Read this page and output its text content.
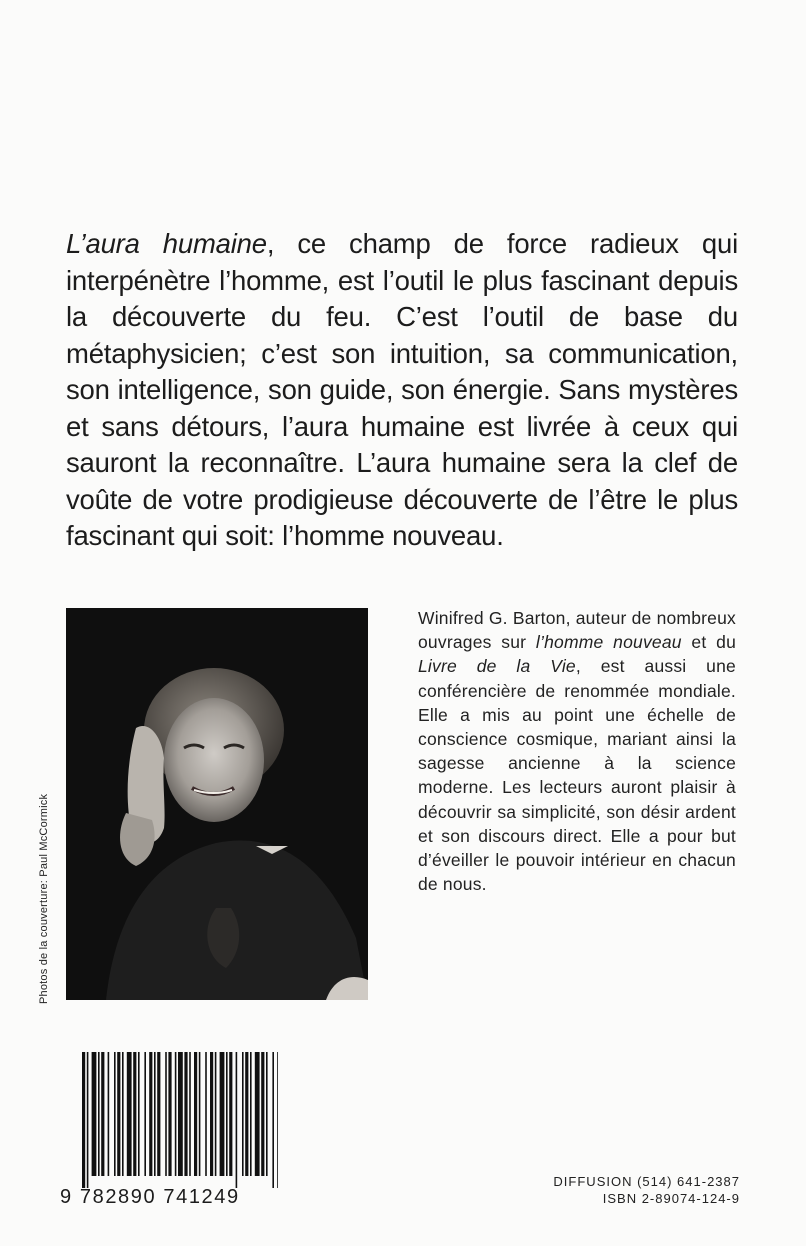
L’aura humaine, ce champ de force radieux qui interpénètre l’homme, est l’outil le plus fascinant depuis la découverte du feu. C’est l’outil de base du métaphysicien; c’est son intuition, sa communication, son intelligence, son guide, son énergie. Sans mystères et sans détours, l’aura humaine est livrée à ceux qui sauront la reconnaître. L’aura humaine sera la clef de voûte de votre prodigieuse découverte de l’être le plus fascinant qui soit: l’homme nouveau.
Photos de la couverture: Paul McCormick
Winifred G. Barton, auteur de nombreux ouvrages sur l’homme nouveau et du Livre de la Vie, est aussi une conférencière de renommée mondiale. Elle a mis au point une échelle de conscience cosmique, mariant ainsi la sagesse ancienne à la science moderne. Les lecteurs auront plaisir à découvrir sa simplicité, son désir ardent et son discours direct. Elle a pour but d’éveiller le pouvoir intérieur en chacun de nous.
9 782890 741249
DIFFUSION (514) 641-2387
ISBN 2-89074-124-9
